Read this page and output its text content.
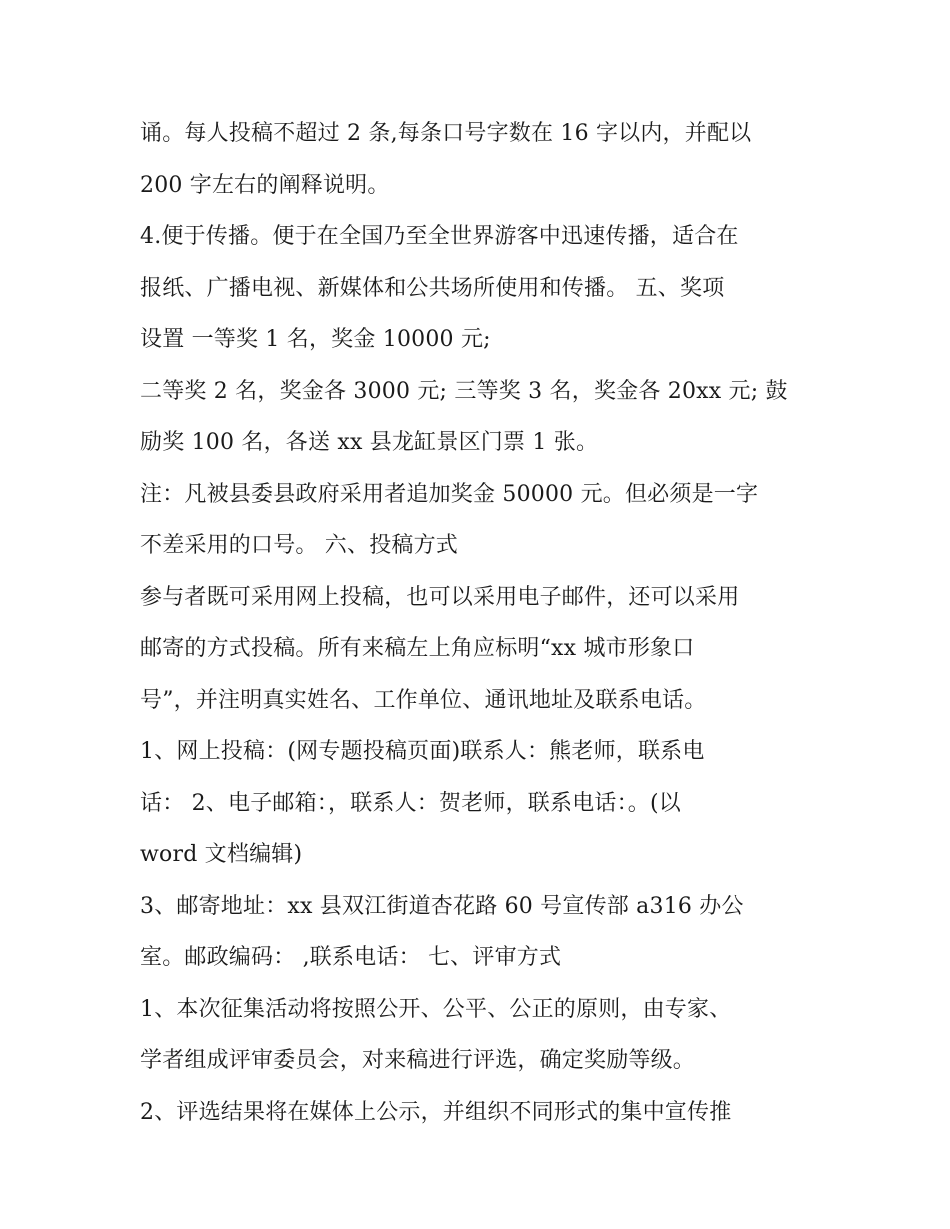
诵。每人投稿不超过 2 条,每条口号字数在 16 字以内，并配以
200 字左右的阐释说明。
4.便于传播。便于在全国乃至全世界游客中迅速传播，适合在
报纸、广播电视、新媒体和公共场所使用和传播。 五、奖项
设置 一等奖 1 名，奖金 10000 元;
二等奖 2 名，奖金各 3000 元; 三等奖 3 名，奖金各 20xx 元; 鼓
励奖 100 名，各送 xx 县龙缸景区门票 1 张。
注：凡被县委县政府采用者追加奖金 50000 元。但必须是一字
不差采用的口号。 六、投稿方式
参与者既可采用网上投稿，也可以采用电子邮件，还可以采用
邮寄的方式投稿。所有来稿左上角应标明“xx 城市形象口
号”，并注明真实姓名、工作单位、通讯地址及联系电话。
1、网上投稿：(网专题投稿页面)联系人：熊老师，联系电
话： 2、电子邮箱：，联系人：贺老师，联系电话：。(以
word 文档编辑)
3、邮寄地址：xx 县双江街道杏花路 60 号宣传部 a316 办公
室。邮政编码： ,联系电话： 七、评审方式
1、本次征集活动将按照公开、公平、公正的原则，由专家、
学者组成评审委员会，对来稿进行评选，确定奖励等级。
2、评选结果将在媒体上公示，并组织不同形式的集中宣传推
